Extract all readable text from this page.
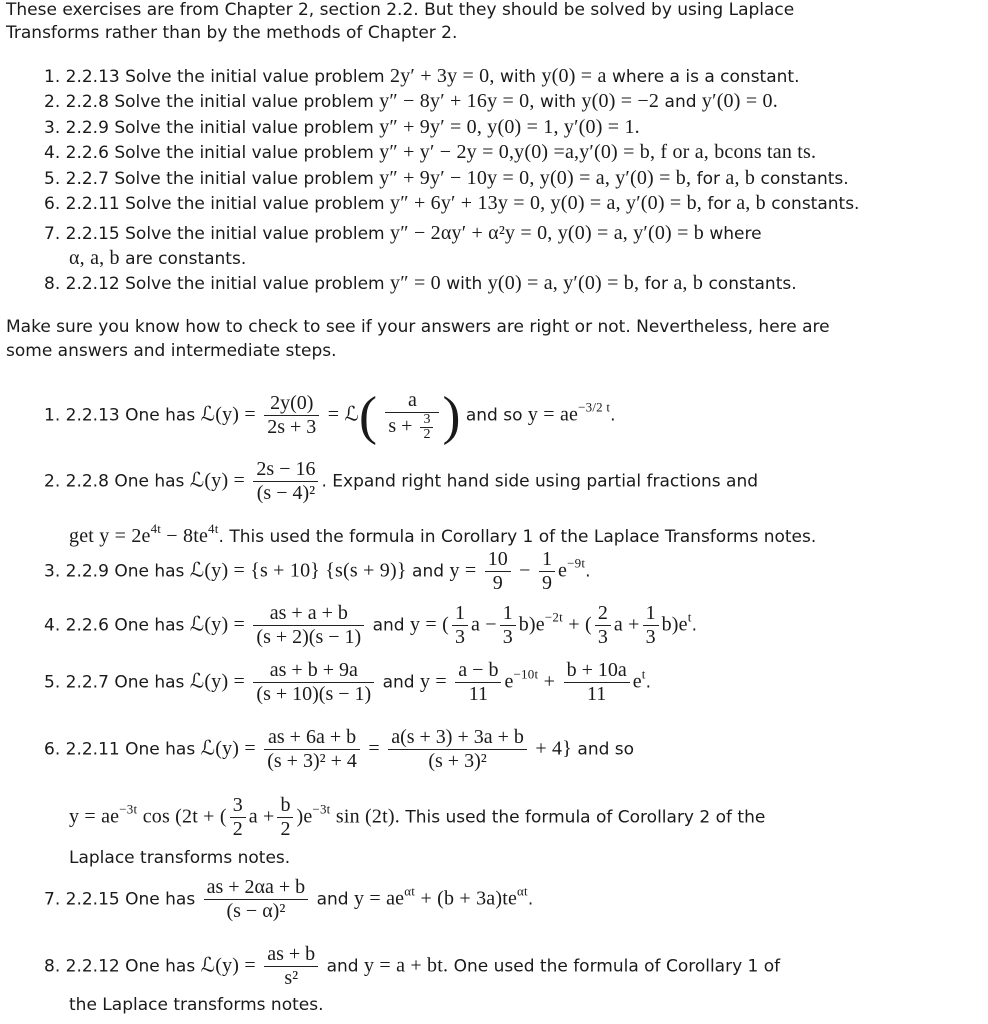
These exercises are from Chapter 2, section 2.2. But they should be solved by using Laplace
Transforms rather than by the methods of Chapter 2.
1. 2.2.13 Solve the initial value problem 2y′ + 3y = 0, with y(0) = a where a is a constant.
2. 2.2.8 Solve the initial value problem y″ − 8y′ + 16y = 0, with y(0) = −2 and y′(0) = 0.
3. 2.2.9 Solve the initial value problem y″ + 9y′ = 0, y(0) = 1, y′(0) = 1.
4. 2.2.6 Solve the initial value problem y″ + y′ − 2y = 0,y(0) =a,y′(0) = b, f or a, bcons tan ts.
5. 2.2.7 Solve the initial value problem y″ + 9y′ − 10y = 0, y(0) = a, y′(0) = b, for a, b constants.
6. 2.2.11 Solve the initial value problem y″ + 6y′ + 13y = 0, y(0) = a, y′(0) = b, for a, b constants.
7. 2.2.15 Solve the initial value problem y″ − 2αy′ + α²y = 0, y(0) = a, y′(0) = b where
α, a, b are constants.
8. 2.2.12 Solve the initial value problem y″ = 0 with y(0) = a, y′(0) = b, for a, b constants.
Make sure you know how to check to see if your answers are right or not. Nevertheless, here are
some answers and intermediate steps.
1. 2.2.13 One has ℒ(y) = $\frac{2y(0)}{2s + 3}$ = ℒ( $\frac{a}{s + \frac{3}{2}}$ ) and so $y = ae^{-3/2 t}$.
2. 2.2.8 One has ℒ(y) = $\frac{2s - 16}{\text{(s − 4)²}}$ . Expand right hand side using partial fractions and
get $y = 2e^{4t} - 8te^{4t}$. This used the formula in Corollary 1 of the Laplace Transforms notes.
3. 2.2.9 One has ℒ(y) = {s + 10} {s(s + 9)} and $y = \frac{10}{9} - \frac{1}{9} e^{-9t}$.
4. 2.2.6 One has ℒ(y) = $\frac{as + a + b}{(s + 2)(s - 1)}$ and y = ( $\frac{1}{3}$ $a - \frac{1}{3} b)e^{-2t}$ + ( $\frac{2}{3}$ $a + \frac{1}{3} b)e^t$.
5. 2.2.7 One has ℒ(y) = $\frac{as + b + 9a}{(s + 10)(s - 1)}$ and $y = \frac{a - b}{11} e^{-10t} + \frac{b + 10a}{11} e^t$.
6. 2.2.11 One has ℒ(y) = $\frac{as + 6a + b}{\text{(s + 3)² + 4}} = \frac{a(s + 3) + 3a + b}{\text{(s + 3)²}} + 4$} and so
$y = ae^{-3t}$ cos (2t + ( $\frac{3}{2}$ $a + \frac{b}{2} )e^{-3t}$ sin (2t). This used the formula of Corollary 2 of the
Laplace transforms notes.
7. 2.2.15 One has $\frac{as + 2\alpha a + b}{\text{(s − α)²}}$ and $y = ae^{\alpha t} + (b + 3a)te^{\alpha t}$.
8. 2.2.12 One has ℒ(y) = $\frac{as + b}{\text{s²}}$ and y = a + bt. One used the formula of Corollary 1 of
the Laplace transforms notes.
